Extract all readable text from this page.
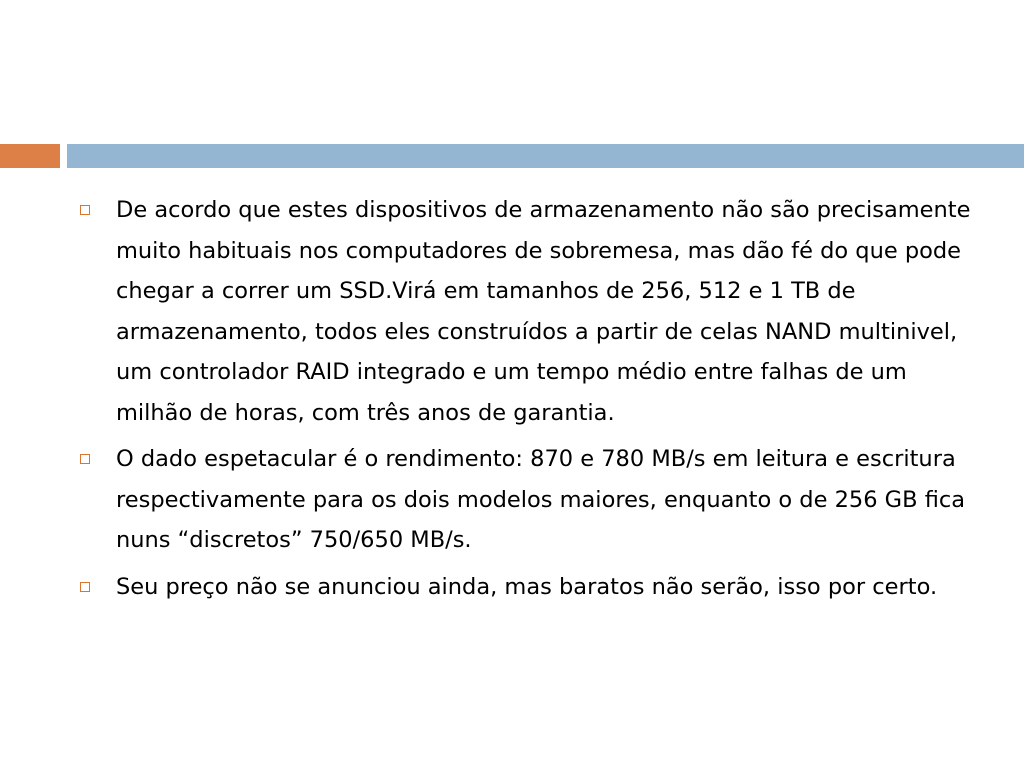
De acordo que estes dispositivos de armazenamento não são precisamente muito habituais nos computadores de sobremesa, mas dão fé do que pode chegar a correr um SSD.Virá em tamanhos de 256, 512 e 1 TB de armazenamento, todos eles construídos a partir de celas NAND multinivel, um controlador RAID integrado e um tempo médio entre falhas de um milhão de horas, com três anos de garantia.
O dado espetacular é o rendimento: 870 e 780 MB/s em leitura e escritura respectivamente para os dois modelos maiores, enquanto o de 256 GB fica nuns “discretos” 750/650 MB/s.
Seu preço não se anunciou ainda, mas baratos não serão, isso por certo.
